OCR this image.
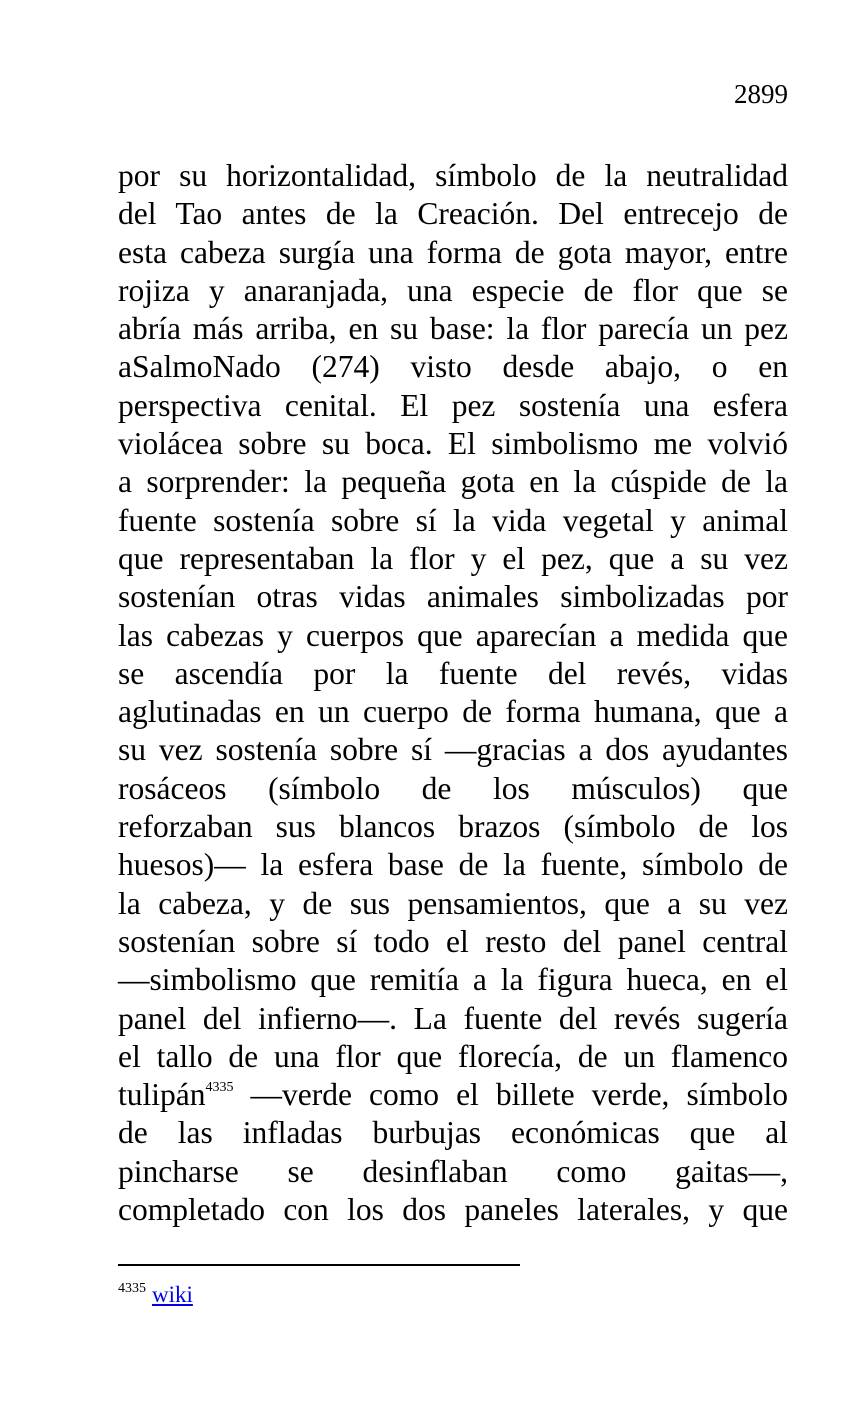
2899
por su horizontalidad, símbolo de la neutralidad
del Tao antes de la Creación. Del entrecejo de
esta cabeza surgía una forma de gota mayor, entre
rojiza y anaranjada, una especie de flor que se
abría más arriba, en su base: la flor parecía un pez
aSalmoNado (274) visto desde abajo, o en
perspectiva cenital. El pez sostenía una esfera
violácea sobre su boca. El simbolismo me volvió
a sorprender: la pequeña gota en la cúspide de la
fuente sostenía sobre sí la vida vegetal y animal
que representaban la flor y el pez, que a su vez
sostenían otras vidas animales simbolizadas por
las cabezas y cuerpos que aparecían a medida que
se ascendía por la fuente del revés, vidas
aglutinadas en un cuerpo de forma humana, que a
su vez sostenía sobre sí —gracias a dos ayudantes
rosáceos (símbolo de los músculos) que
reforzaban sus blancos brazos (símbolo de los
huesos)— la esfera base de la fuente, símbolo de
la cabeza, y de sus pensamientos, que a su vez
sostenían sobre sí todo el resto del panel central
—simbolismo que remitía a la figura hueca, en el
panel del infierno—. La fuente del revés sugería
el tallo de una flor que florecía, de un flamenco
tulipán$^{4335}$ —verde como el billete verde, símbolo
de las infladas burbujas económicas que al
pincharse se desinflaban como gaitas—,
completado con los dos paneles laterales, y que
$^{4335}$ wiki
